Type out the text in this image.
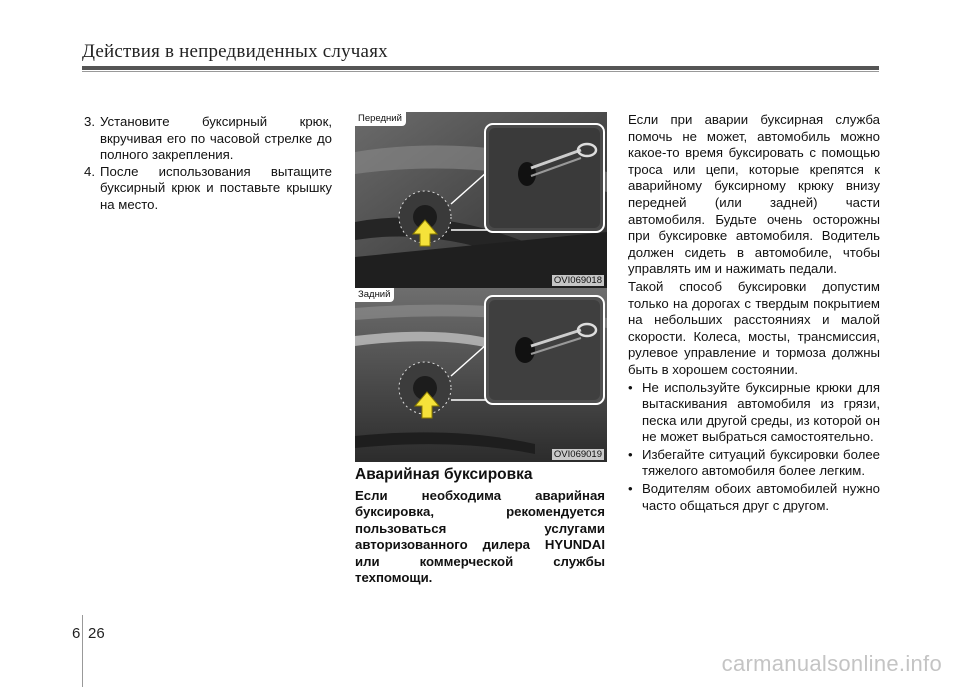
Действия в непредвиденных случаях
3. Установите буксирный крюк, вкручивая его по часовой стрелке до полного закрепления.
4. После использования вытащите буксирный крюк и поставьте крышку на место.
Передний
OVI069018
Задний
OVI069019
Аварийная буксировка
Если необходима аварийная буксировка, рекомендуется пользоваться услугами авторизованного дилера HYUNDAI или коммерческой службы техпомощи.

Если при аварии буксирная служба помочь не может, автомобиль можно какое-то время буксировать с помощью троса или цепи, которые крепятся к аварийному буксирному крюку внизу передней (или задней) части автомобиля. Будьте очень осторожны при буксировке автомобиля. Водитель должен сидеть в автомобиле, чтобы управлять им и нажимать педали.

Такой способ буксировки допустим только на дорогах с твердым покрытием на небольших расстояниях и малой скорости. Колеса, мосты, трансмиссия, рулевое управление и тормоза должны быть в хорошем состоянии.

• Не используйте буксирные крюки для вытаскивания автомобиля из грязи, песка или другой среды, из которой он не может выбраться самостоятельно.
• Избегайте ситуаций буксировки более тяжелого автомобиля более легким.
• Водителям обоих автомобилей нужно часто общаться друг с другом.
6 26
carmanualsonline.info
